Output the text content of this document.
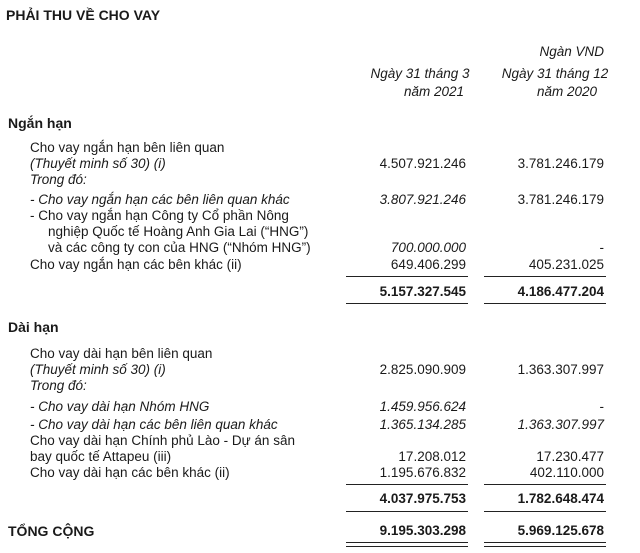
PHẢI THU VỀ CHO VAY
Ngàn VND
Ngày 31 tháng 3
năm 2021
Ngày 31 tháng 12
năm 2020
Ngắn hạn
Cho vay ngắn hạn bên liên quan
(Thuyết minh số 30) (i)	4.507.921.246	3.781.246.179
Trong đó:
- Cho vay ngắn hạn các bên liên quan khác	3.807.921.246	3.781.246.179
- Cho vay ngắn hạn Công ty Cổ phần Nông
nghiệp Quốc tế Hoàng Anh Gia Lai (“HNG”)
và các công ty con của HNG (“Nhóm HNG”)	700.000.000	-
Cho vay ngắn hạn các bên khác (ii)	649.406.299	405.231.025
5.157.327.545	4.186.477.204
Dài hạn
Cho vay dài hạn bên liên quan
(Thuyết minh số 30) (i)	2.825.090.909	1.363.307.997
Trong đó:
- Cho vay dài hạn Nhóm HNG	1.459.956.624	-
- Cho vay dài hạn các bên liên quan khác	1.365.134.285	1.363.307.997
Cho vay dài hạn Chính phủ Lào - Dự án sân
bay quốc tế Attapeu (iii)	17.208.012	17.230.477
Cho vay dài hạn các bên khác (ii)	1.195.676.832	402.110.000
4.037.975.753	1.782.648.474
TỔNG CỘNG	9.195.303.298	5.969.125.678
